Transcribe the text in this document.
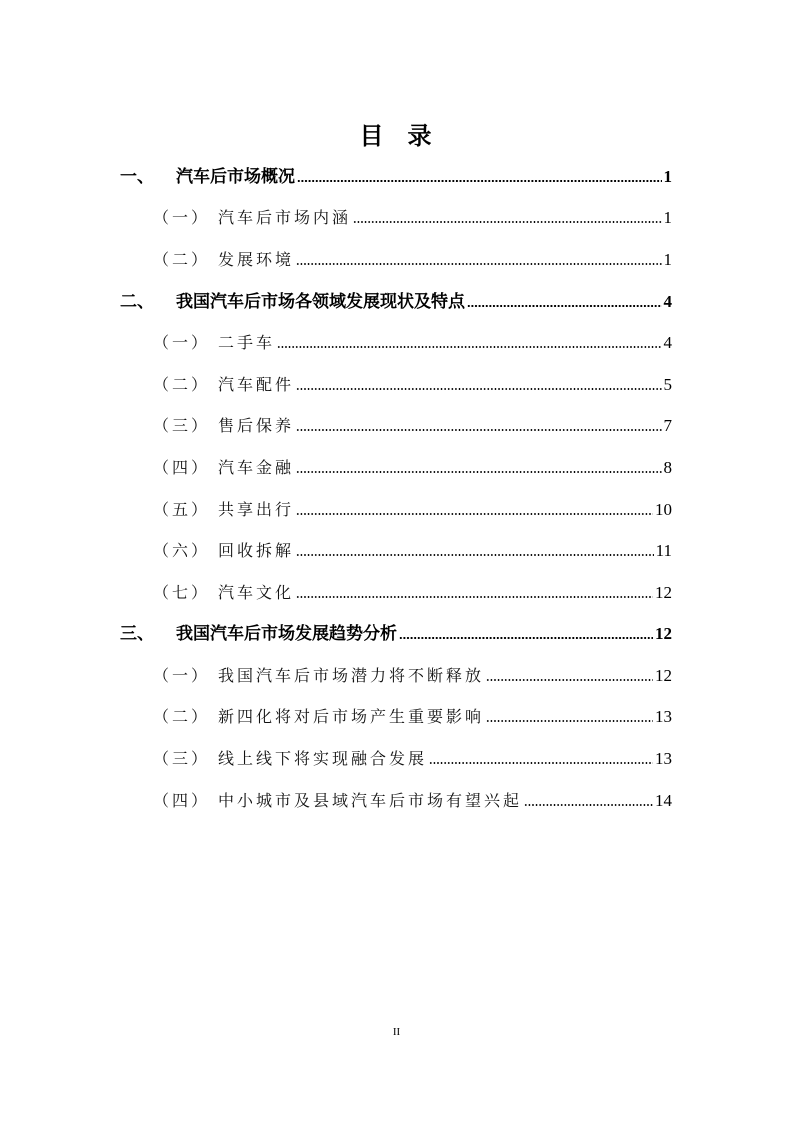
目 录
一、	汽车后市场概况	1
（一） 汽车后市场内涵	1
（二） 发展环境	1
二、	我国汽车后市场各领域发展现状及特点	4
（一） 二手车	4
（二） 汽车配件	5
（三） 售后保养	7
（四） 汽车金融	8
（五） 共享出行	10
（六） 回收拆解	11
（七） 汽车文化	12
三、	我国汽车后市场发展趋势分析	12
（一） 我国汽车后市场潜力将不断释放	12
（二） 新四化将对后市场产生重要影响	13
（三） 线上线下将实现融合发展	13
（四） 中小城市及县域汽车后市场有望兴起	14
II
